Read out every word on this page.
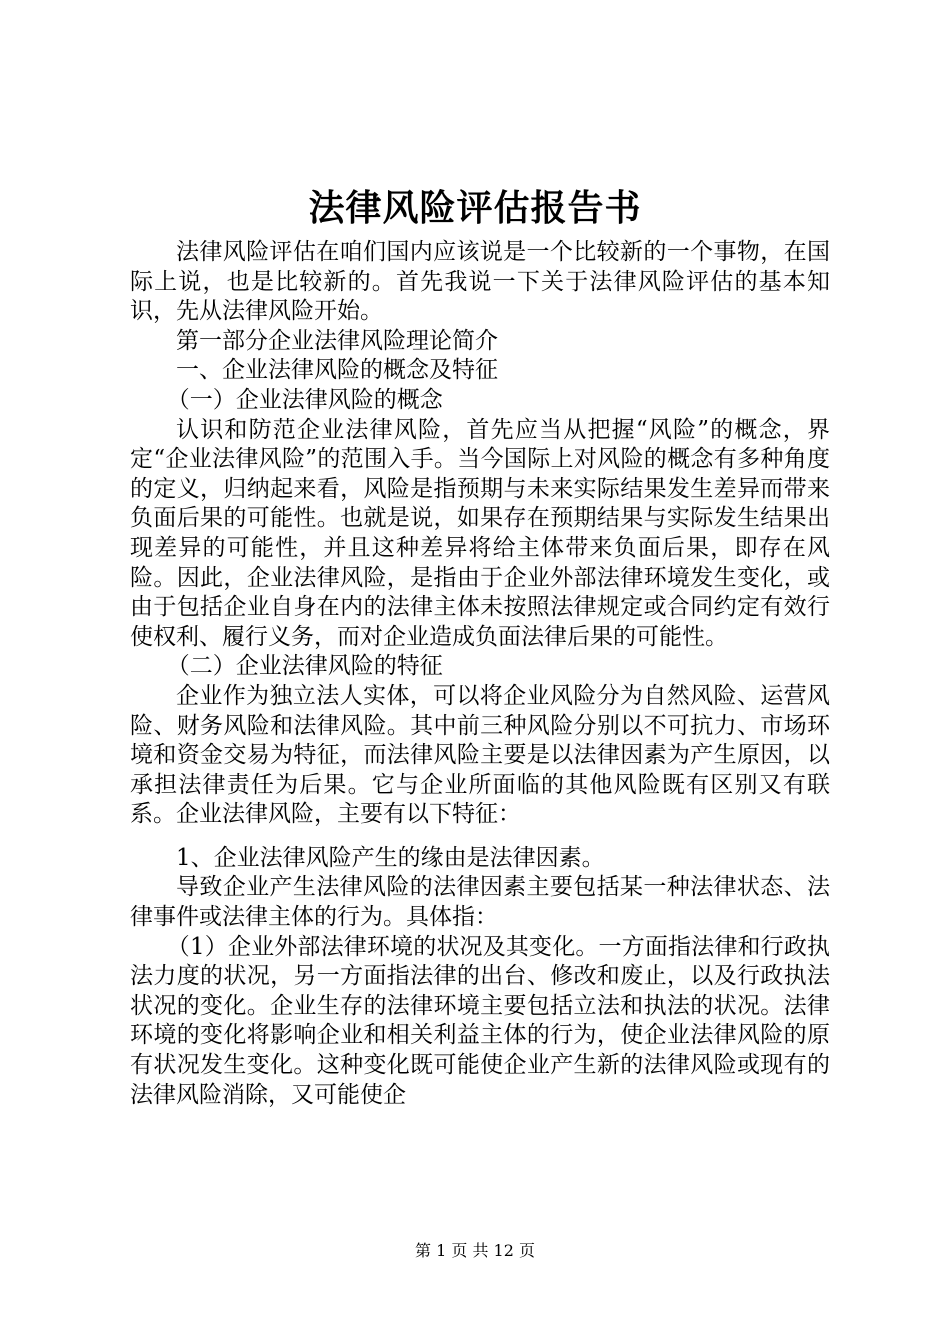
法律风险评估报告书

法律风险评估在咱们国内应该说是一个比较新的一个事物，在国际上说，也是比较新的。首先我说一下关于法律风险评估的基本知识，先从法律风险开始。

第一部分企业法律风险理论简介

一、企业法律风险的概念及特征

（一）企业法律风险的概念

认识和防范企业法律风险，首先应当从把握“风险”的概念，界定“企业法律风险”的范围入手。当今国际上对风险的概念有多种角度的定义，归纳起来看，风险是指预期与未来实际结果发生差异而带来负面后果的可能性。也就是说，如果存在预期结果与实际发生结果出现差异的可能性，并且这种差异将给主体带来负面后果，即存在风险。因此，企业法律风险，是指由于企业外部法律环境发生变化，或由于包括企业自身在内的法律主体未按照法律规定或合同约定有效行使权利、履行义务，而对企业造成负面法律后果的可能性。

（二）企业法律风险的特征

企业作为独立法人实体，可以将企业风险分为自然风险、运营风险、财务风险和法律风险。其中前三种风险分别以不可抗力、市场环境和资金交易为特征，而法律风险主要是以法律因素为产生原因，以承担法律责任为后果。它与企业所面临的其他风险既有区别又有联系。企业法律风险，主要有以下特征：

1、企业法律风险产生的缘由是法律因素。

导致企业产生法律风险的法律因素主要包括某一种法律状态、法律事件或法律主体的行为。具体指：

（1）企业外部法律环境的状况及其变化。一方面指法律和行政执法力度的状况，另一方面指法律的出台、修改和废止，以及行政执法状况的变化。企业生存的法律环境主要包括立法和执法的状况。法律环境的变化将影响企业和相关利益主体的行为，使企业法律风险的原有状况发生变化。这种变化既可能使企业产生新的法律风险或现有的法律风险消除，又可能使企

第 1 页 共 12 页
